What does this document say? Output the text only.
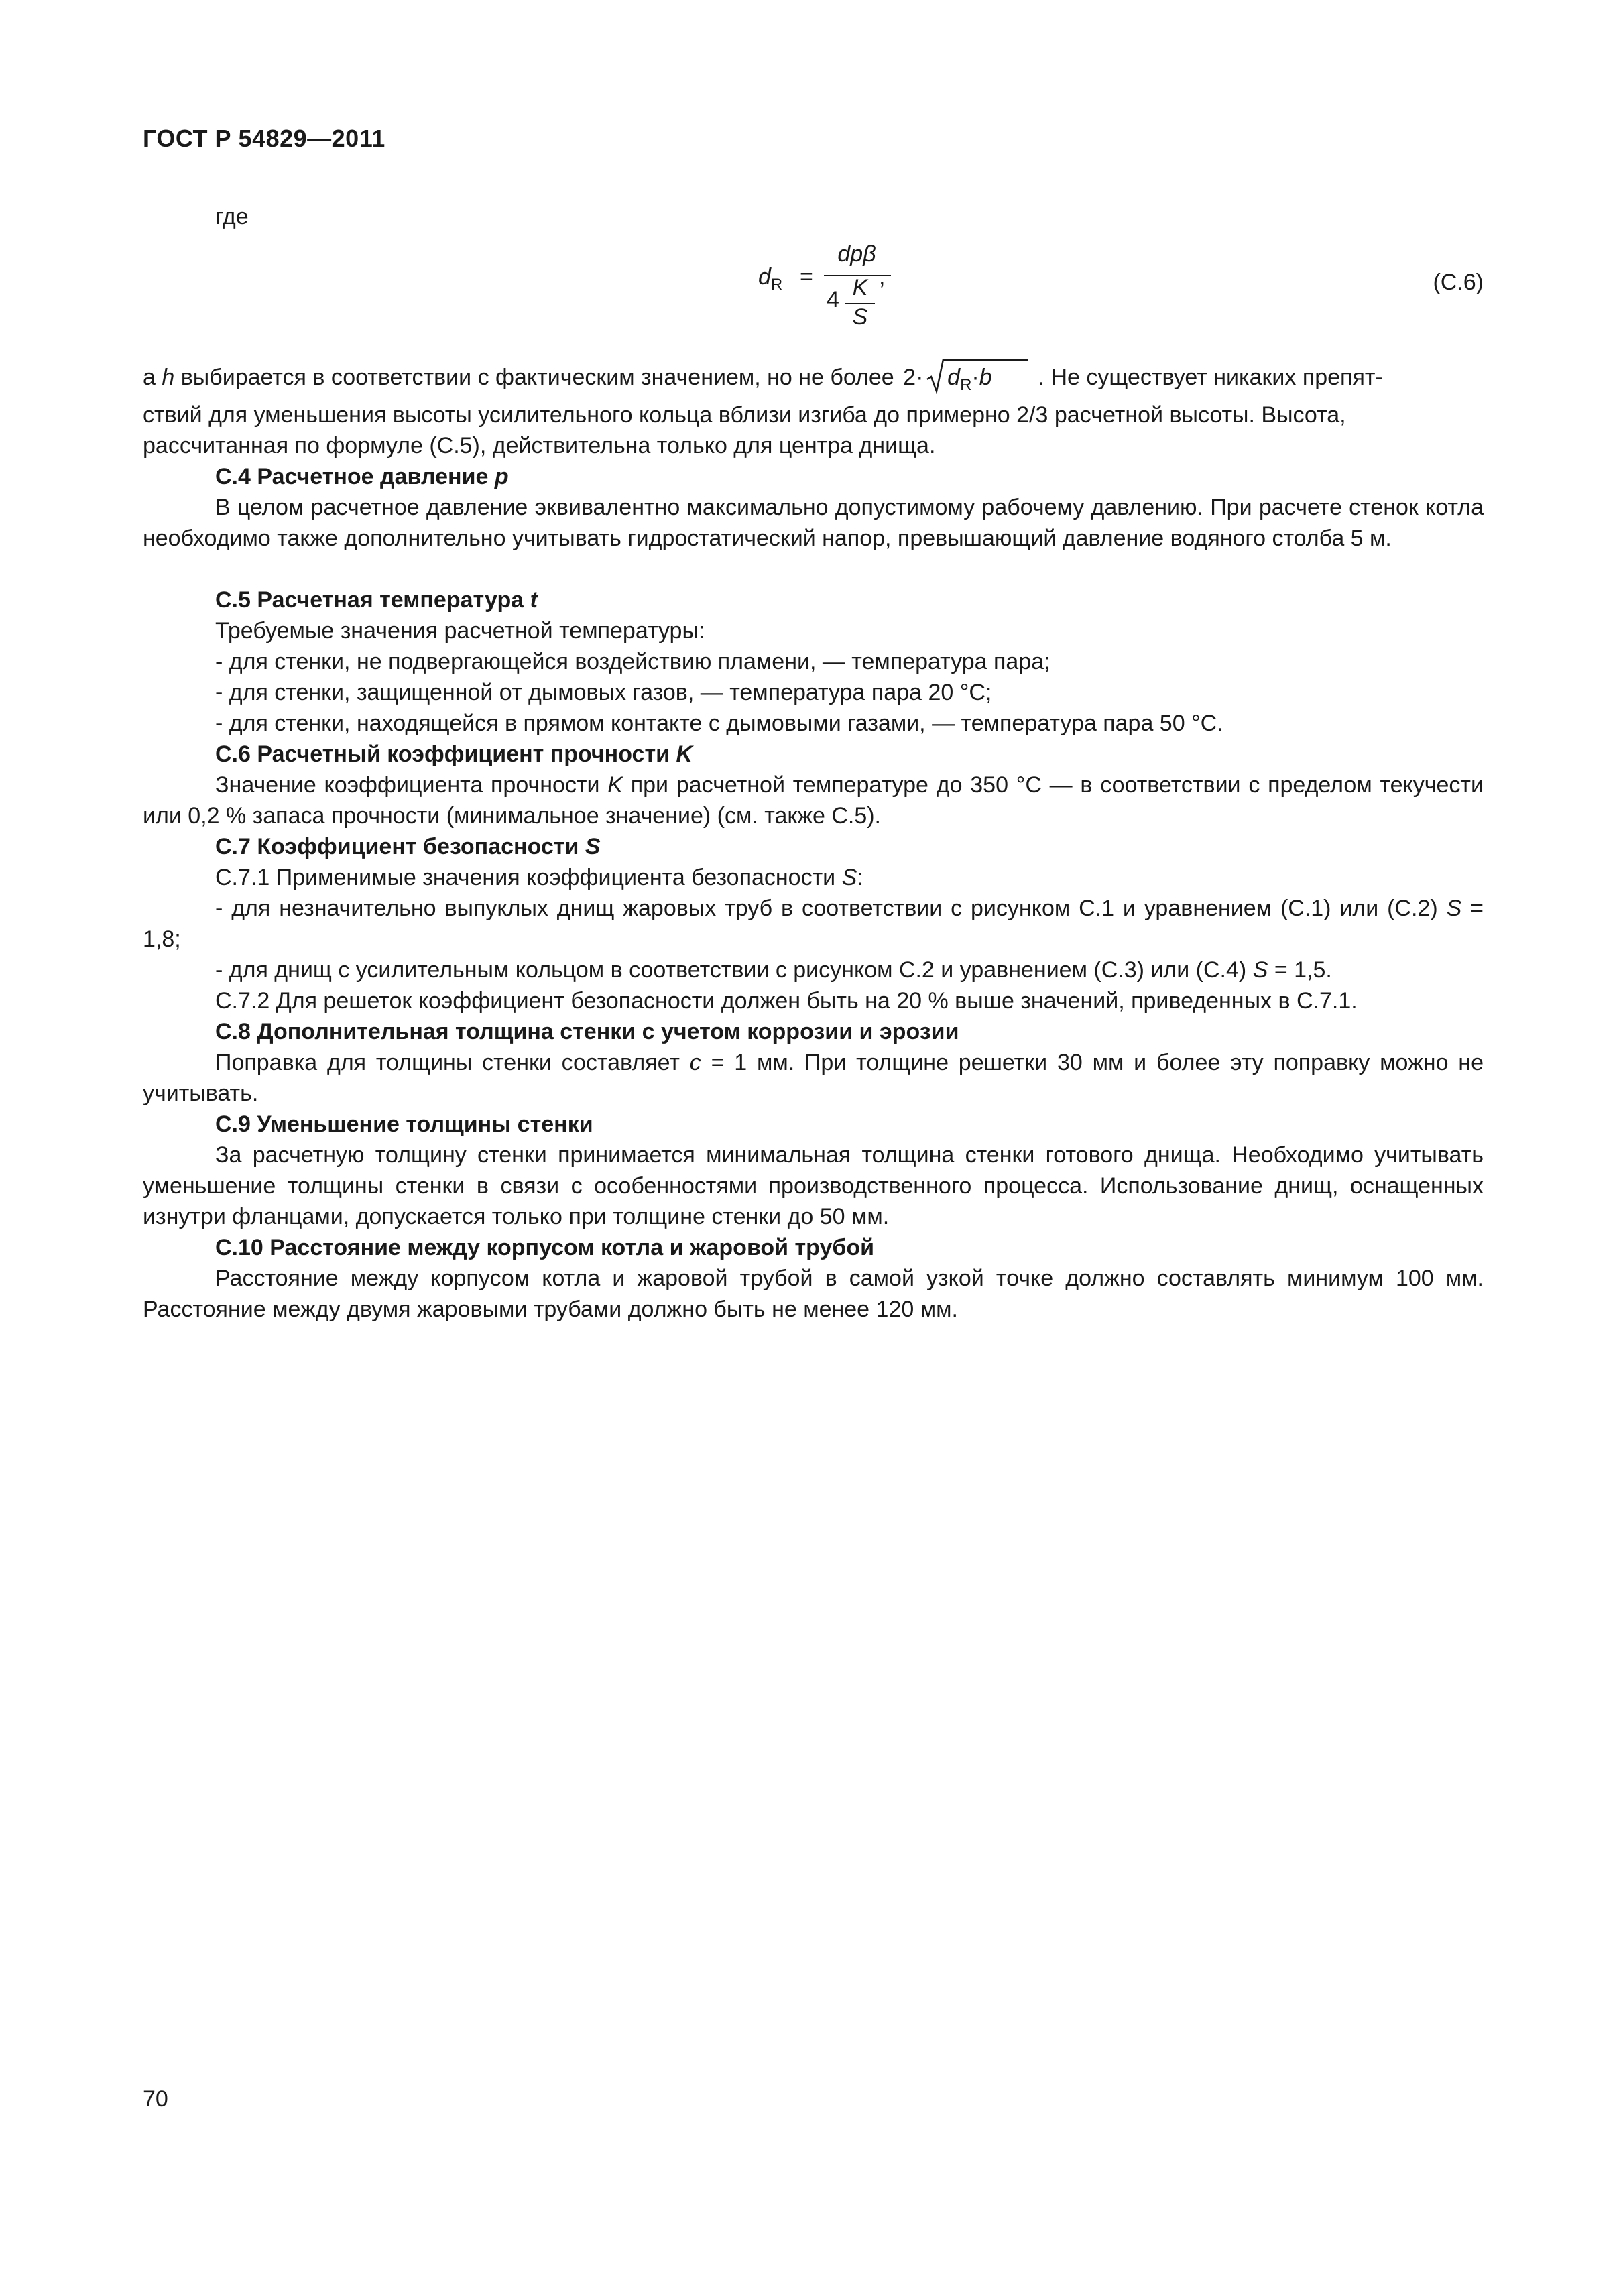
ГОСТ Р 54829—2011
где
$d_R$ =
dpβ
4 K
S
,	(С.6)
а h выбирается в соответствии с фактическим значением, но не более $2\cdot d_R\cdot b$ . Не существует никаких препят-
ствий для уменьшения высоты усилительного кольца вблизи изгиба до примерно 2/3 расчетной высоты. Высота,
рассчитанная по формуле (С.5), действительна только для центра днища.
С.4 Расчетное давление p
В целом расчетное давление эквивалентно максимально допустимому рабочему давлению. При расчете стенок котла необходимо также дополнительно учитывать гидростатический напор, превышающий давление водяного столба 5 м.
С.5 Расчетная температура t
Требуемые значения расчетной температуры:
- для стенки, не подвергающейся воздействию пламени, — температура пара;
- для стенки, защищенной от дымовых газов, — температура пара 20 °С;
- для стенки, находящейся в прямом контакте с дымовыми газами, — температура пара 50 °С.
С.6 Расчетный коэффициент прочности K
Значение коэффициента прочности K при расчетной температуре до 350 °С — в соответствии с пределом текучести или 0,2 % запаса прочности (минимальное значение) (см. также С.5).
С.7 Коэффициент безопасности S
С.7.1 Применимые значения коэффициента безопасности S:
- для незначительно выпуклых днищ жаровых труб в соответствии с рисунком С.1 и уравнением (С.1) или (С.2) S = 1,8;
- для днищ с усилительным кольцом в соответствии с рисунком С.2 и уравнением (С.3) или (С.4) S = 1,5.
С.7.2 Для решеток коэффициент безопасности должен быть на 20 % выше значений, приведенных в С.7.1.
С.8 Дополнительная толщина стенки с учетом коррозии и эрозии
Поправка для толщины стенки составляет с = 1 мм. При толщине решетки 30 мм и более эту поправку можно не учитывать.
С.9 Уменьшение толщины стенки
За расчетную толщину стенки принимается минимальная толщина стенки готового днища. Необходимо учитывать уменьшение толщины стенки в связи с особенностями производственного процесса. Использование днищ, оснащенных изнутри фланцами, допускается только при толщине стенки до 50 мм.
С.10 Расстояние между корпусом котла и жаровой трубой
Расстояние между корпусом котла и жаровой трубой в самой узкой точке должно составлять минимум 100 мм. Расстояние между двумя жаровыми трубами должно быть не менее 120 мм.
70
